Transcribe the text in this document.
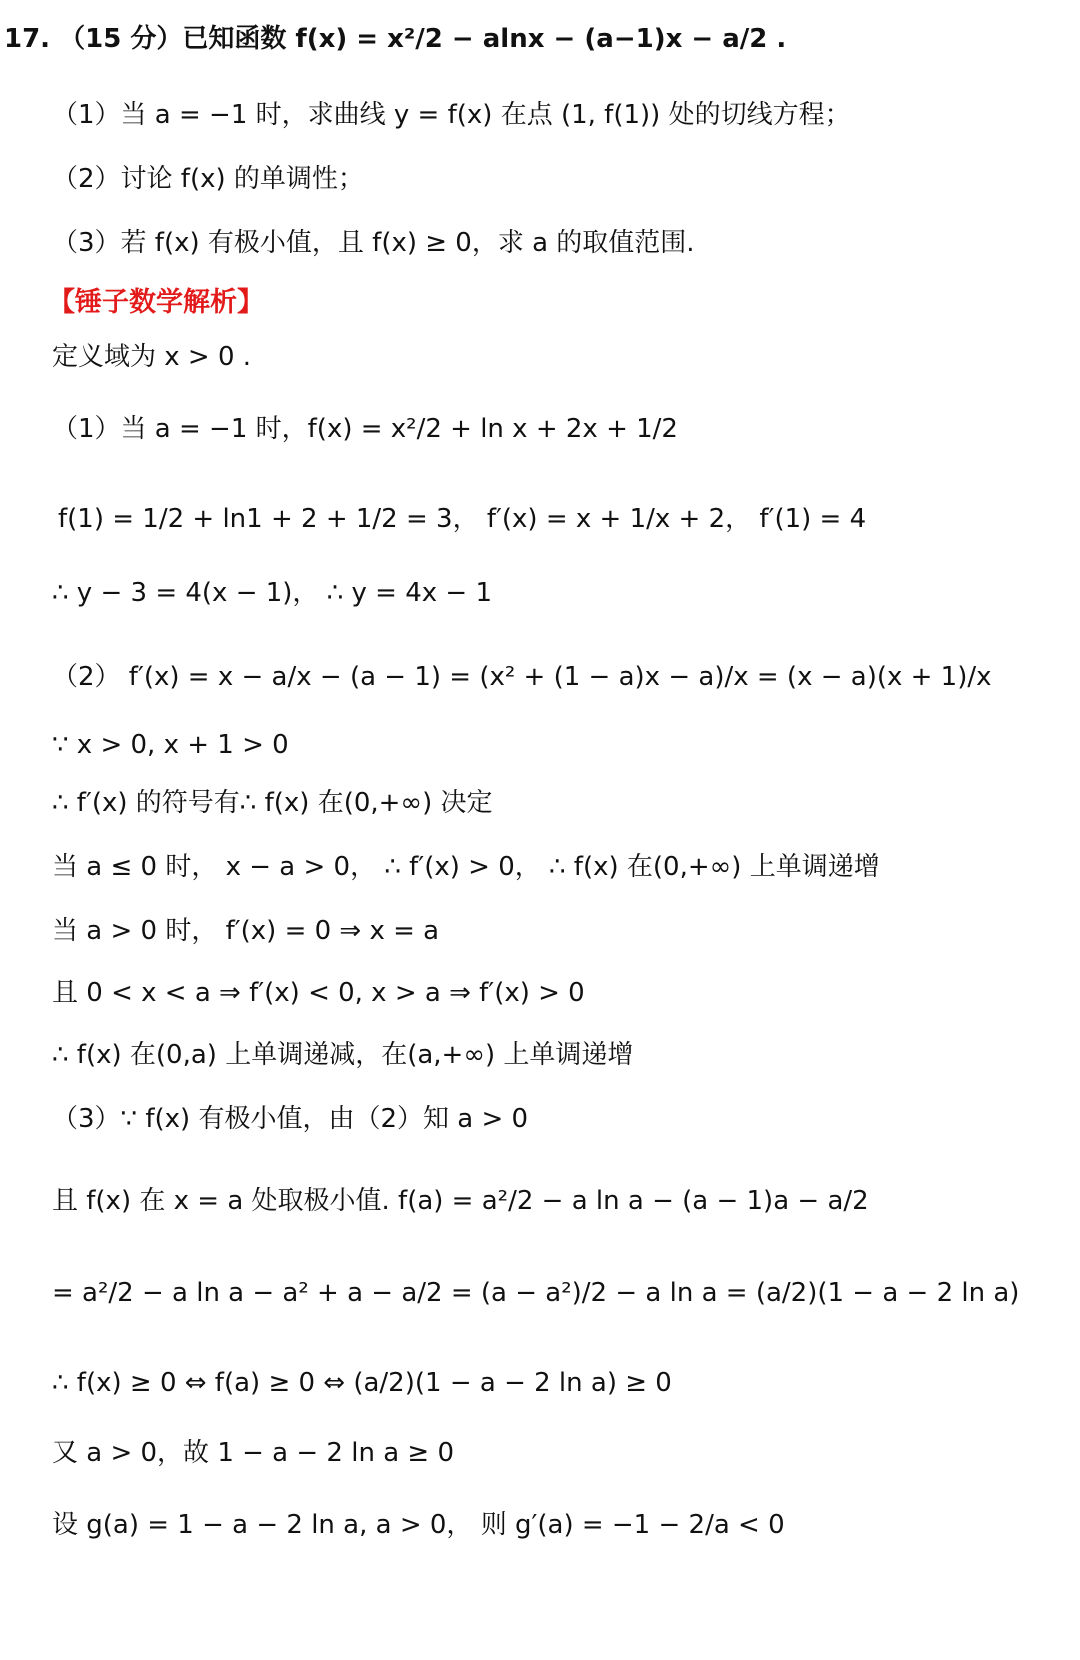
17. （15 分）已知函数 f(x) = x²/2 − alnx − (a−1)x − a/2 .
（1）当 a = −1 时，求曲线 y = f(x) 在点 (1, f(1)) 处的切线方程；
（2）讨论 f(x) 的单调性；
（3）若 f(x) 有极小值，且 f(x) ≥ 0，求 a 的取值范围.
【锤子数学解析】
定义域为 x > 0 .
（1）当 a = −1 时，f(x) = x²/2 + ln x + 2x + 1/2
f(1) = 1/2 + ln1 + 2 + 1/2 = 3， f′(x) = x + 1/x + 2， f′(1) = 4
∴ y − 3 = 4(x − 1)， ∴ y = 4x − 1
（2） f′(x) = x − a/x − (a − 1) = (x² + (1 − a)x − a)/x = (x − a)(x + 1)/x
∵ x > 0, x + 1 > 0
∴ f′(x) 的符号有∴ f(x) 在(0,+∞) 决定
当 a ≤ 0 时， x − a > 0， ∴ f′(x) > 0， ∴ f(x) 在(0,+∞) 上单调递增
当 a > 0 时， f′(x) = 0 ⇒ x = a
且 0 < x < a ⇒ f′(x) < 0, x > a ⇒ f′(x) > 0
∴ f(x) 在(0,a) 上单调递减，在(a,+∞) 上单调递增
（3）∵ f(x) 有极小值，由（2）知 a > 0
且 f(x) 在 x = a 处取极小值. f(a) = a²/2 − a ln a − (a − 1)a − a/2
= a²/2 − a ln a − a² + a − a/2 = (a − a²)/2 − a ln a = (a/2)(1 − a − 2 ln a)
∴ f(x) ≥ 0 ⇔ f(a) ≥ 0 ⇔ (a/2)(1 − a − 2 ln a) ≥ 0
又 a > 0，故 1 − a − 2 ln a ≥ 0
设 g(a) = 1 − a − 2 ln a, a > 0， 则 g′(a) = −1 − 2/a < 0
